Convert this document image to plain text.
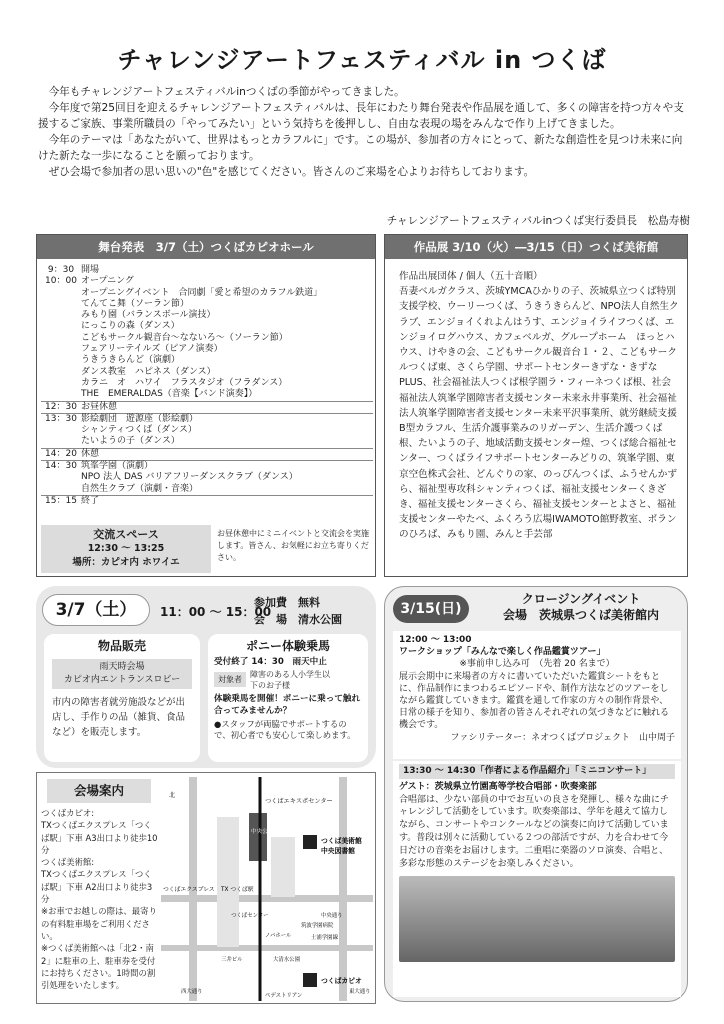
チャレンジアートフェスティバル in つくば

今年もチャレンジアートフェスティバルinつくばの季節がやってきました。

今年度で第25回目を迎えるチャレンジアートフェスティバルは、長年にわたり舞台発表や作品展を通して、多くの障害を持つ方々や支援するご家族、事業所職員の「やってみたい」という気持ちを後押しし、自由な表現の場をみんなで作り上げてきました。

今年のテーマは「あなたがいて、世界はもっとカラフルに」です。この場が、参加者の方々にとって、新たな創造性を見つけ未来に向けた新たな一歩になることを願っております。

ぜひ会場で参加者の思い思いの"色"を感じてください。皆さんのご来場を心よりお待ちしております。

チャレンジアートフェスティバルinつくば実行委員長　松島寿樹
舞台発表　3/7（土）つくばカピオホール
9：30 開場
10：00 オープニング
オープニングイベント　合同劇「愛と希望のカラフル鉄道」
てんてこ舞（ソーラン節）
みもり園（バランスボール演技）
にっこりの森（ダンス）
こどもサークル観音台～なないろ～（ソーラン節）
フェアリーテイルズ（ピアノ演奏）
うきうきらんど（演劇）
ダンス教室　ハピネス（ダンス）
カラニ　オ　ハワイ　フラスタジオ（フラダンス）
THE　EMERALDAS（音楽【バンド演奏】）
12：30 お昼休憩
13：30 影絵劇団　遊源座（影絵劇）
シャンティつくば（ダンス）
たいようの子（ダンス）
14：20 休憩
14：30 筑峯学園（演劇）
NPO 法人 DAS バリアフリーダンスクラブ（ダンス）
自然生クラブ（演劇・音楽）
15：15 終了
交流スペース
12:30 ～ 13:25
場所：カピオ内 ホワイエ
お昼休憩中にミニイベントと交流会を実施します。皆さん、お気軽にお立ち寄りください。
作品展 3/10（火）―3/15（日）つくば美術館
作品出展団体 / 個人（五十音順）
吾妻ベルガクラス、茨城YMCAひかりの子、茨城県立つくば特別支援学校、ウーリーつくば、うきうきらんど、NPO法人自然生クラブ、エンジョイくれよんはうす、エンジョイライフつくば、エンジョイログハウス、カフェベルガ、グループホーム　ほっとハウス、けやきの会、こどもサークル観音台１・２、こどもサークルつくば東、さくら学園、サポートセンターきずな・きずなPLUS、社会福祉法人つくば根学園ラ・フィーネつくば根、社会福祉法人筑峯学園障害者支援センター未来永井事業所、社会福祉法人筑峯学園障害者支援センター未来平沢事業所、就労継続支援B型カラフル、生活介護事業みのリガーデン、生活介護つくば根、たいようの子、地域活動支援センター煌、つくば総合福祉センター、つくばライフサポートセンターみどりの、筑峯学園、東京空色株式会社、どんぐりの家、のっぴんつくば、ふうせんかずら、福祉型専攻科シャンティつくば、福祉支援センターくきざき、福祉支援センターさくら、福祉支援センターとよさと、福祉支援センターやたべ、ふくろう広場IWAMOTO館野教室、ボランのひろば、みもり園、みんと手芸部
3/7（土）	11：00 ～ 15：00
参加費　無料
会　場　清水公園
物品販売
雨天時会場
カピオ内エントランスロビー
市内の障害者就労施設などが出店し、手作りの品（雑貨、食品など）を販売します。
ポニー体験乗馬
受付終了 14：30　雨天中止
対象者
障害のある人小学生以下のお子様
体験乗馬を開催！ポニーに乗って触れ合ってみませんか？
●スタッフが両脇でサポートするので、初心者でも安心して楽しめます。
会場案内
つくばカピオ:
TXつくばエクスプレス「つくば駅」下車 A3出口より徒歩10分
つくば美術館:
TXつくばエクスプレス「つくば駅」下車 A2出口より徒歩3分
※お車でお越しの際は、最寄りの有料駐車場をご利用ください。
※つくば美術館へは「北2・南2」に駐車の上、駐車券を受付にお持ちください。1時間の割引処理をいたします。
つくばエキスポセンター
つくば美術館
中央図書館
中央公園
つくばエクスプレス TX つくば駅
つくばセンター
つくばカピオ
西大通り	東大通り
ペデストリアン
中央通り
三井ビル	大清水公園
土浦学園線
北
筑波学園病院
ノバホール
3/15(日)
クロージングイベント
会場　茨城県つくば美術館内
12:00 ～ 13:00
ワークショップ「みんなで楽しく作品鑑賞ツアー」
※事前申し込み可　（先着 20 名まで）
展示会期中に来場者の方々に書いていただいた鑑賞シートをもとに、作品制作にまつわるエピソードや、制作方法などのツアーをしながら鑑賞していきます。鑑賞を通して作家の方々の制作背景や、日常の様子を知り、参加者の皆さんそれぞれの気づきなどに触れる機会です。
ファシリテーター：ネオつくばプロジェクト　山中周子
13:30 ～ 14:30「作者による作品紹介」「ミニコンサート」
ゲスト：茨城県立竹園高等学校合唱部・吹奏楽部
合唱部は、少ない部員の中でお互いの良さを発揮し、様々な曲にチャレンジして活動をしています。吹奏楽部は、学年を越えて協力しながら、コンサートやコンクールなどの演奏に向けて活動しています。普段は別々に活動している２つの部活ですが、力を合わせて今日だけの音楽をお届けします。二重唱に楽器のソロ演奏、合唱と、多彩な形態のステージをお楽しみください。
